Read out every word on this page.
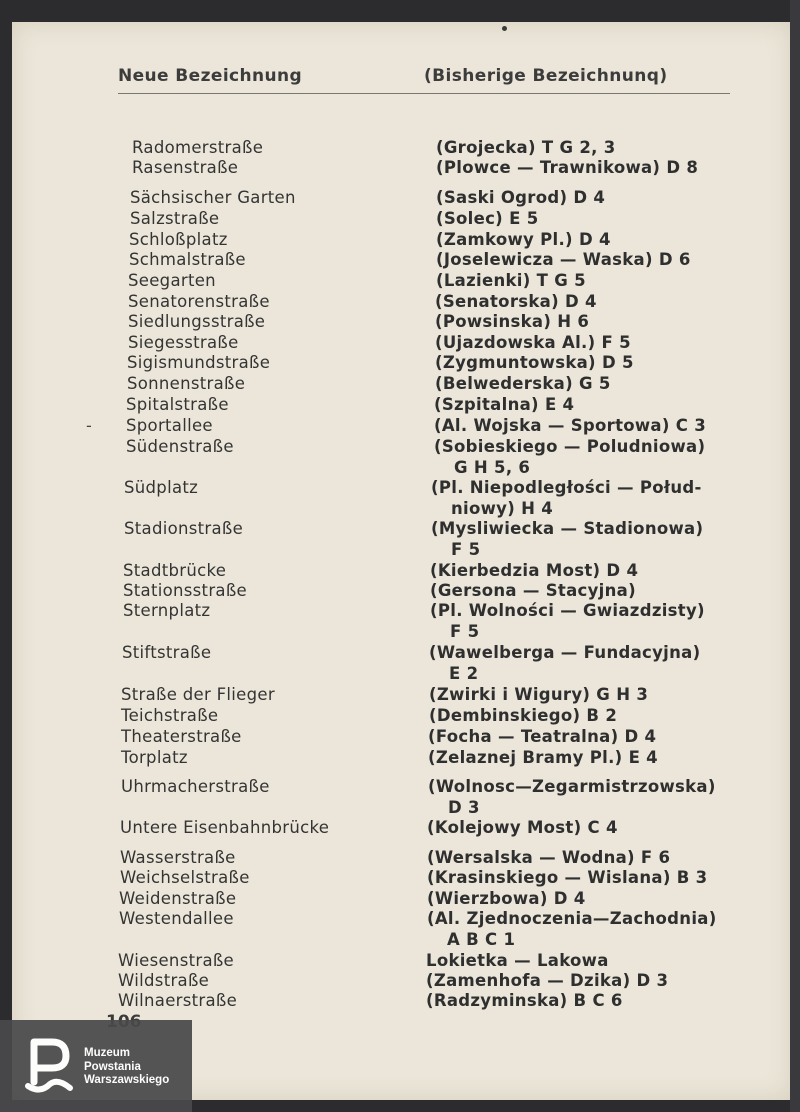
Neue Bezeichnung	(Bisherige Bezeichnunq)
Radomerstraße	(Grojecka) T G 2, 3
Rasenstraße	(Plowce — Trawnikowa) D 8
Sächsischer Garten	(Saski Ogrod) D 4
Salzstraße	(Solec) E 5
Schloßplatz	(Zamkowy Pl.) D 4
Schmalstraße	(Joselewicza — Waska) D 6
Seegarten	(Lazienki) T G 5
Senatorenstraße	(Senatorska) D 4
Siedlungsstraße	(Powsinska) H 6
Siegesstraße	(Ujazdowska Al.) F 5
Sigismundstraße	(Zygmuntowska) D 5
Sonnenstraße	(Belwederska) G 5
Spitalstraße	(Szpitalna) E 4
- Sportallee	(Al. Wojska — Sportowa) C 3
Südenstraße	(Sobieskiego — Poludniowa)
G H 5, 6
Südplatz	(Pl. Niepodległości — Połud-
niowy) H 4
Stadionstraße	(Mysliwiecka — Stadionowa)
F 5
Stadtbrücke	(Kierbedzia Most) D 4
Stationsstraße	(Gersona — Stacyjna)
Sternplatz	(Pl. Wolności — Gwiazdzisty)
F 5
Stiftstraße	(Wawelberga — Fundacyjna)
E 2
Straße der Flieger	(Zwirki i Wigury) G H 3
Teichstraße	(Dembinskiego) B 2
Theaterstraße	(Focha — Teatralna) D 4
Torplatz	(Zelaznej Bramy Pl.) E 4
Uhrmacherstraße	(Wolnosc—Zegarmistrzowska)
D 3
Untere Eisenbahnbrücke	(Kolejowy Most) C 4
Wasserstraße	(Wersalska — Wodna) F 6
Weichselstraße	(Krasinskiego — Wislana) B 3
Weidenstraße	(Wierzbowa) D 4
Westendallee	(Al. Zjednoczenia—Zachodnia)
A B C 1
Wiesenstraße	Lokietka — Lakowa
Wildstraße	(Zamenhofa — Dzika) D 3
Wilnaerstraße	(Radzyminska) B C 6
Muzeum
Powstania
Warszawskiego
